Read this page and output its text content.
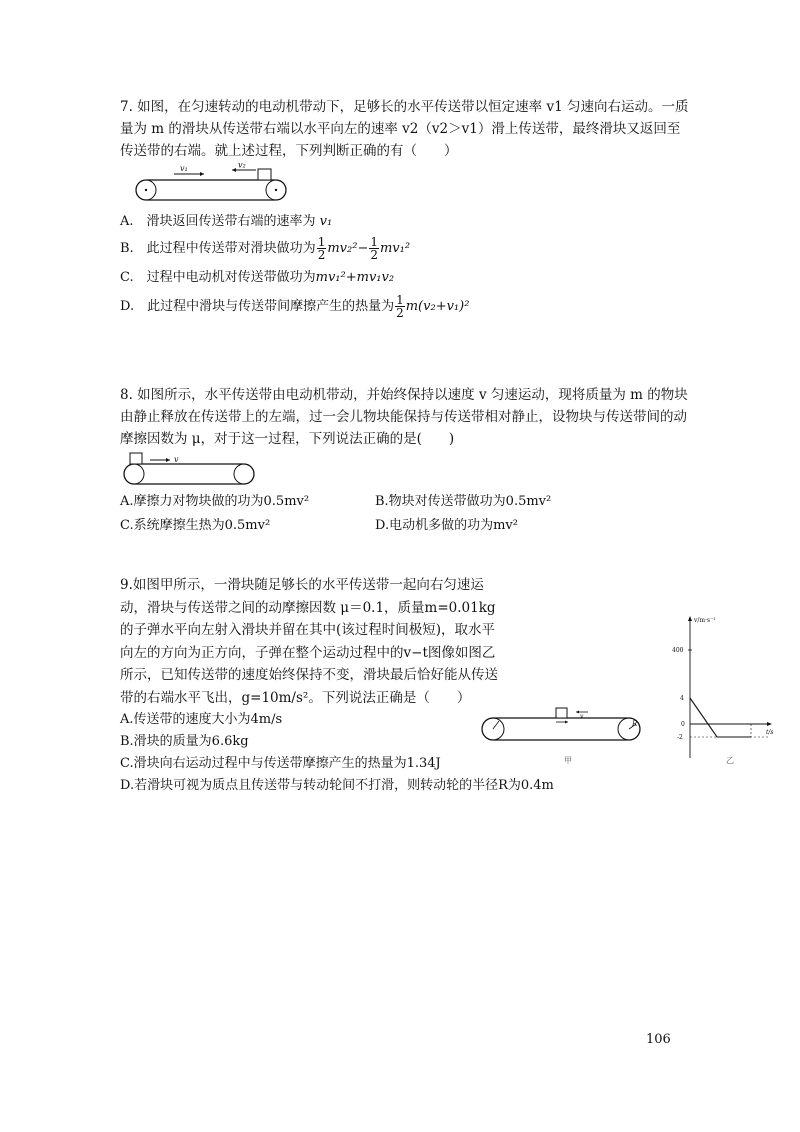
7. 如图，在匀速转动的电动机带动下，足够长的水平传送带以恒定速率 v1 匀速向右运动。一质量为 m 的滑块从传送带右端以水平向左的速率 v2（v2＞v1）滑上传送带，最终滑块又返回至传送带的右端。就上述过程，下列判断正确的有（　　）

v₁	v₂

A.　滑块返回传送带右端的速率为 v₁

B.　此过程中传送带对滑块做功为 $\frac{1}{2} mv_2^2- \frac{1}{2} mv_1^2$

C.　过程中电动机对传送带做功为mv₁²+mv₁v₂

D.　此过程中滑块与传送带间摩擦产生的热量为 $\frac{1}{2} m(v_2+v_1)^2$

8. 如图所示，水平传送带由电动机带动，并始终保持以速度 v 匀速运动，现将质量为 m 的物块由静止释放在传送带上的左端，过一会儿物块能保持与传送带相对静止，设物块与传送带间的动摩擦因数为 μ，对于这一过程，下列说法正确的是(　　)

v
A.摩擦力对物块做的功为0.5mv²	B.物块对传送带做功为0.5mv²
C.系统摩擦生热为0.5mv²	D.电动机多做的功为mv²

9.如图甲所示，一滑块随足够长的水平传送带一起向右匀速运动，滑块与传送带之间的动摩擦因数 μ＝0.1，质量m=0.01kg的子弹水平向左射入滑块并留在其中(该过程时间极短)，取水平向左的方向为正方向，子弹在整个运动过程中的v−t图像如图乙所示，已知传送带的速度始终保持不变，滑块最后恰好能从传送带的右端水平飞出，g=10m/s²。下列说法正确是（　　）

R
v
甲
v/m·s⁻¹
t/s
400
4
0
-2
乙

A.传送带的速度大小为4m/s

B.滑块的质量为6.6kg

C.滑块向右运动过程中与传送带摩擦产生的热量为1.34J

D.若滑块可视为质点且传送带与转动轮间不打滑，则转动轮的半径R为0.4m

106
